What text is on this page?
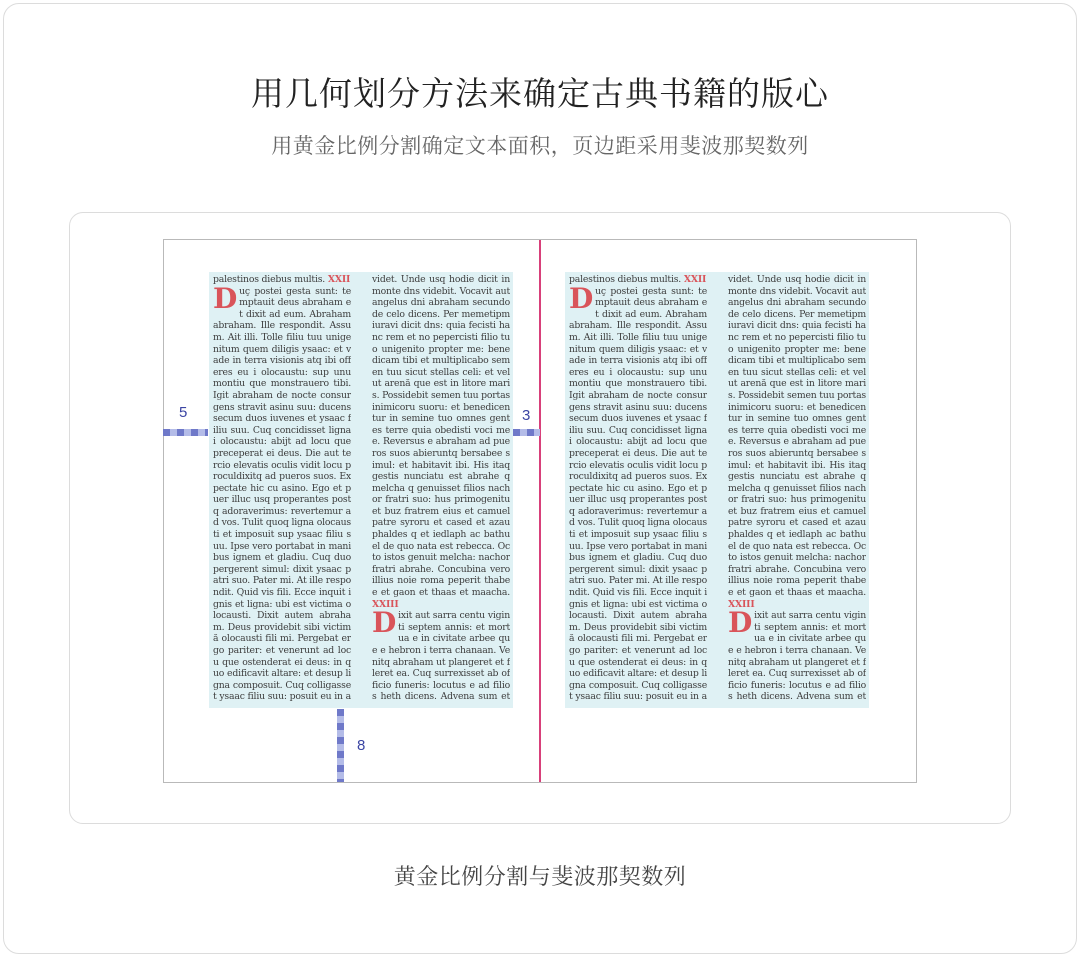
用几何划分方法来确定古典书籍的版心
用黄金比例分割确定文本面积，页边距采用斐波那契数列
palestinos diebus multis. XXII

D uç postei gesta sunt: temptauit deus abraham et dixit ad eum. Abraham abraham. Ille respondit. Assum. Ait illi. Tolle filiu tuu unigenitum quem diligis ysaac: et vade in terra visionis atq ibi offeres eu i olocaustu: sup unu montiu que monstrauero tibi. Igit abraham de nocte consurgens stravit asinu suu: ducens secum duos iuvenes et ysaac filiu suu. Cuq concidisset ligna i olocaustu: abijt ad locu que preceperat ei deus. Die aut tercio elevatis oculis vidit locu proculdixitq ad pueros suos. Expectate hic cu asino. Ego et puer illuc usq properantes postq adoraverimus: revertemur ad vos. Tulit quoq ligna olocausti et imposuit sup ysaac filiu suu. Ipse vero portabat in manibus ignem et gladiu. Cuq duo pergerent simul: dixit ysaac patri suo. Pater mi. At ille respondit. Quid vis fili. Ecce inquit ignis et ligna: ubi est victima olocausti. Dixit autem abraham. Deus providebit sibi victimă olocausti fili mi. Pergebat ergo pariter: et venerunt ad locu que ostenderat ei deus: in quo edificavit altare: et desup ligna composuit. Cuq colligasset ysaac filiu suu: posuit eu in a
videt. Unde usq hodie dicit in monte dns videbit. Vocavit aut angelus dni abraham secundo de celo dicens. Per memetipm iuravi dicit dns: quia fecisti hanc rem et no pepercisti filio tuo unigenito propter me: benedicam tibi et multiplicabo semen tuu sicut stellas celi: et velut arenă que est in litore maris. Possidebit semen tuu portas inimicoru suoru: et benedicentur in semine tuo omnes gentes terre quia obedisti voci mee. Reversus e abraham ad pueros suos abieruntq bersabee simul: et habitavit ibi. His itaq gestis nunciatu est abrahe q melcha q genuisset filios nachor fratri suo: hus primogenitu et buz fratrem eius et camuel patre syroru et cased et azau phaldes q et iedlaph ac bathuel de quo nata est rebecca. Octo istos genuit melcha: nachor fratri abrahe. Concubina vero illius noie roma peperit thabee et gaon et thaas et maacha. XXIII

D ixit aut sarra centu viginti septem annis: et mortua e in civitate arbee que e hebron i terra chanaan. Venitq abraham ut plangeret et fleret ea. Cuq surrexisset ab officio funeris: locutus e ad filios heth dicens. Advena sum et
palestinos diebus multis. XXII

D uç postei gesta sunt: temptauit deus abraham et dixit ad eum. Abraham abraham. Ille respondit. Assum. Ait illi. Tolle filiu tuu unigenitum quem diligis ysaac: et vade in terra visionis atq ibi offeres eu i olocaustu: sup unu montiu que monstrauero tibi. Igit abraham de nocte consurgens stravit asinu suu: ducens secum duos iuvenes et ysaac filiu suu. Cuq concidisset ligna i olocaustu: abijt ad locu que preceperat ei deus. Die aut tercio elevatis oculis vidit locu proculdixitq ad pueros suos. Expectate hic cu asino. Ego et puer illuc usq properantes postq adoraverimus: revertemur ad vos. Tulit quoq ligna olocausti et imposuit sup ysaac filiu suu. Ipse vero portabat in manibus ignem et gladiu. Cuq duo pergerent simul: dixit ysaac patri suo. Pater mi. At ille respondit. Quid vis fili. Ecce inquit ignis et ligna: ubi est victima olocausti. Dixit autem abraham. Deus providebit sibi victimă olocausti fili mi. Pergebat ergo pariter: et venerunt ad locu que ostenderat ei deus: in quo edificavit altare: et desup ligna composuit. Cuq colligasset ysaac filiu suu: posuit eu in a
videt. Unde usq hodie dicit in monte dns videbit. Vocavit aut angelus dni abraham secundo de celo dicens. Per memetipm iuravi dicit dns: quia fecisti hanc rem et no pepercisti filio tuo unigenito propter me: benedicam tibi et multiplicabo semen tuu sicut stellas celi: et velut arenă que est in litore maris. Possidebit semen tuu portas inimicoru suoru: et benedicentur in semine tuo omnes gentes terre quia obedisti voci mee. Reversus e abraham ad pueros suos abieruntq bersabee simul: et habitavit ibi. His itaq gestis nunciatu est abrahe q melcha q genuisset filios nachor fratri suo: hus primogenitu et buz fratrem eius et camuel patre syroru et cased et azau phaldes q et iedlaph ac bathuel de quo nata est rebecca. Octo istos genuit melcha: nachor fratri abrahe. Concubina vero illius noie roma peperit thabee et gaon et thaas et maacha. XXIII

D ixit aut sarra centu viginti septem annis: et mortua e in civitate arbee que e hebron i terra chanaan. Venitq abraham ut plangeret et fleret ea. Cuq surrexisset ab officio funeris: locutus e ad filios heth dicens. Advena sum et
5	3
8
黄金比例分割与斐波那契数列
